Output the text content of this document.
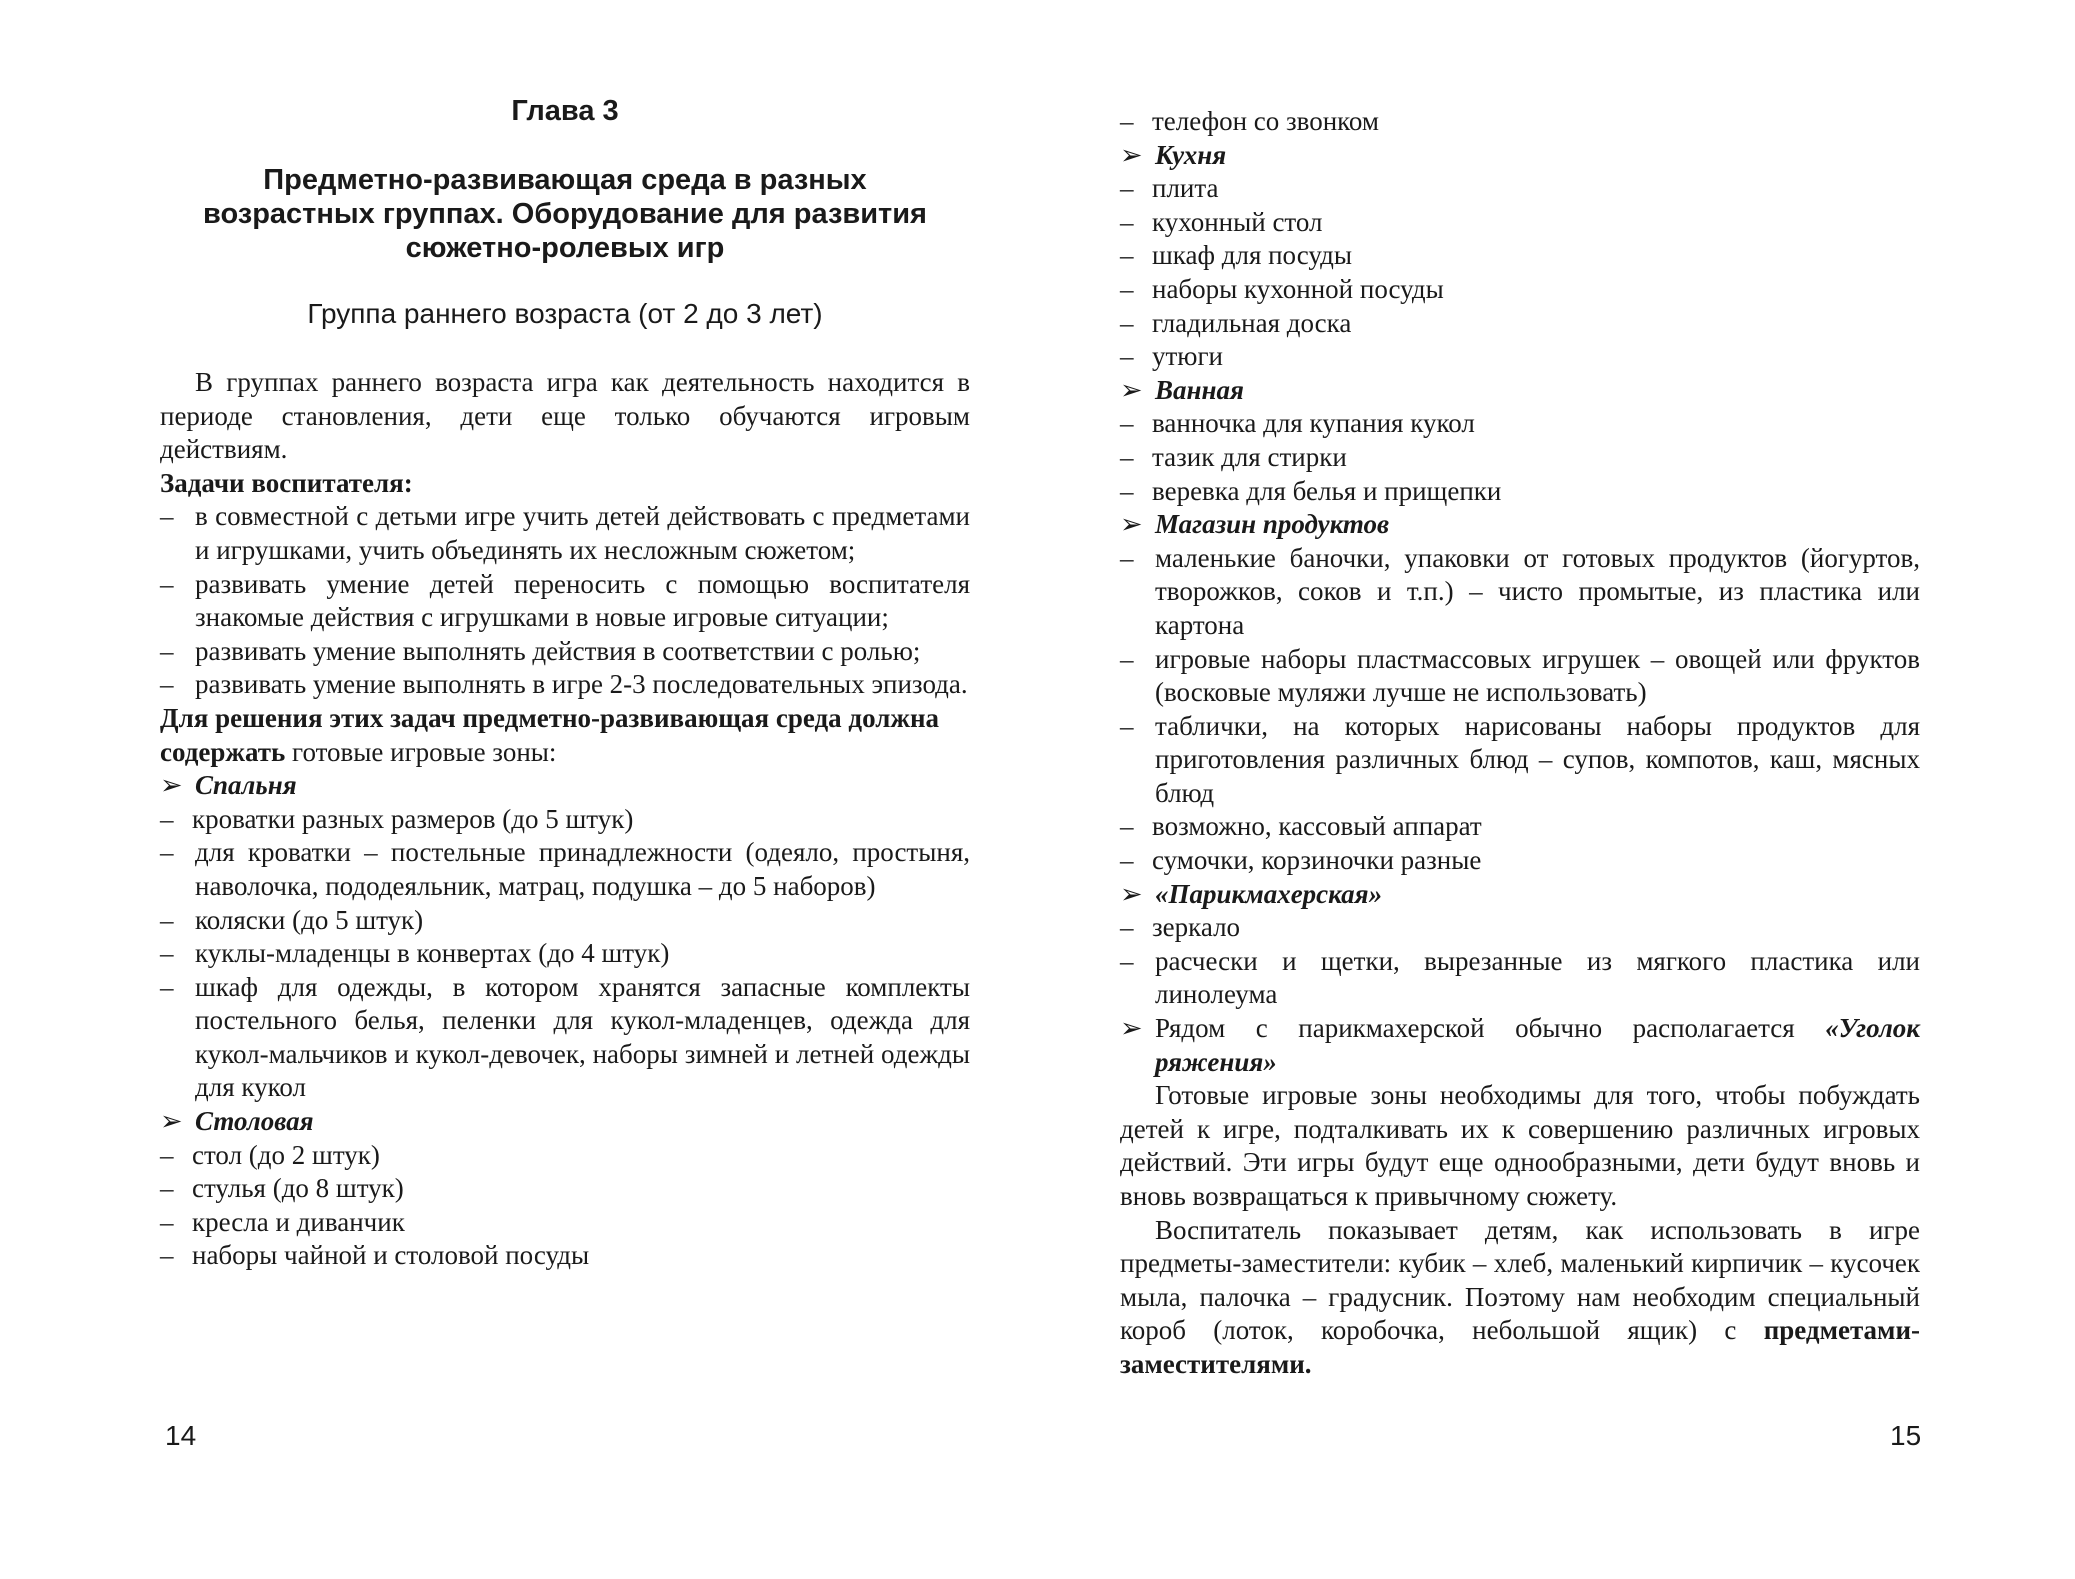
Глава 3
Предметно-развивающая среда в разных
возрастных группах. Оборудование для развития
сюжетно-ролевых игр
Группа раннего возраста (от 2 до 3 лет)

В группах раннего возраста игра как деятельность находится в периоде становления, дети еще только обучаются игровым действиям.

Задачи воспитателя:

– в совместной с детьми игре учить детей действовать с предметами и игрушками, учить объединять их несложным сюжетом;
– развивать умение детей переносить с помощью воспитателя знакомые действия с игрушками в новые игровые ситуации;
– развивать умение выполнять действия в соответствии с ролью;
– развивать умение выполнять в игре 2-3 последовательных эпизода.

Для решения этих задач предметно-развивающая среда должна содержать готовые игровые зоны:

➢ Спальня
– кроватки разных размеров (до 5 штук)
– для кроватки – постельные принадлежности (одеяло, простыня, наволочка, пододеяльник, матрац, подушка – до 5 наборов)
– коляски (до 5 штук)
– куклы-младенцы в конвертах (до 4 штук)
– шкаф для одежды, в котором хранятся запасные комплекты постельного белья, пеленки для кукол-младенцев, одежда для кукол-мальчиков и кукол-девочек, наборы зимней и летней одежды для кукол
➢ Столовая
– стол (до 2 штук)
– стулья (до 8 штук)
– кресла и диванчик
– наборы чайной и столовой посуды
14
– телефон со звонком
➢ Кухня
– плита
– кухонный стол
– шкаф для посуды
– наборы кухонной посуды
– гладильная доска
– утюги
➢ Ванная
– ванночка для купания кукол
– тазик для стирки
– веревка для белья и прищепки
➢ Магазин продуктов
– маленькие баночки, упаковки от готовых продуктов (йогуртов, творожков, соков и т.п.) – чисто промытые, из пластика или картона
– игровые наборы пластмассовых игрушек – овощей или фруктов (восковые муляжи лучше не использовать)
– таблички, на которых нарисованы наборы продуктов для приготовления различных блюд – супов, компотов, каш, мясных блюд
– возможно, кассовый аппарат
– сумочки, корзиночки разные
➢ «Парикмахерская»
– зеркало
– расчески и щетки, вырезанные из мягкого пластика или линолеума
➢ Рядом с парикмахерской обычно располагается «Уголок ряжения»

Готовые игровые зоны необходимы для того, чтобы побуждать детей к игре, подталкивать их к совершению различных игровых действий. Эти игры будут еще однообразными, дети будут вновь и вновь возвращаться к привычному сюжету.

Воспитатель показывает детям, как использовать в игре предметы-заместители: кубик – хлеб, маленький кирпичик – кусочек мыла, палочка – градусник. Поэтому нам необходим специальный короб (лоток, коробочка, небольшой ящик) с предметами-заместителями.

15
